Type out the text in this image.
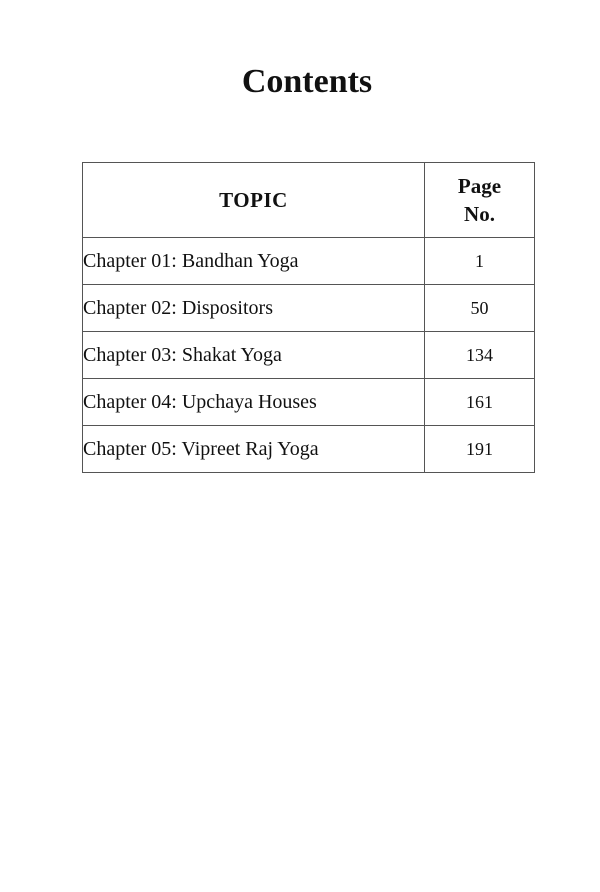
Contents
TOPIC	Page
No.
Chapter 01: Bandhan Yoga	1
Chapter 02: Dispositors	50
Chapter 03: Shakat Yoga	134
Chapter 04: Upchaya Houses	161
Chapter 05: Vipreet Raj Yoga	191
